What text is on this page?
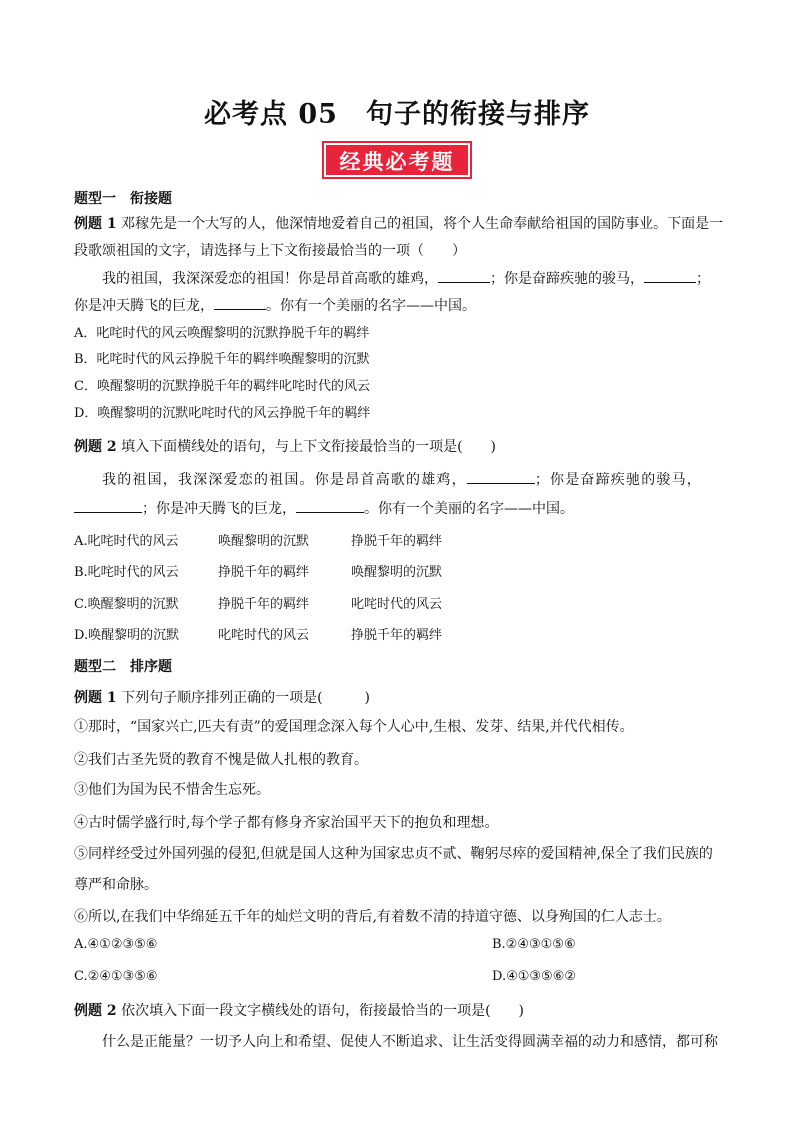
必考点 05　句子的衔接与排序
经典必考题
题型一　衔接题
例题 1 邓稼先是一个大写的人，他深情地爱着自己的祖国，将个人生命奉献给祖国的国防事业。下面是一
段歌颂祖国的文字，请选择与上下文衔接最恰当的一项（　　）
我的祖国，我深深爱恋的祖国！你是昂首高歌的雄鸡，	；你是奋蹄疾驰的骏马，	；
你是冲天腾飞的巨龙，	。你有一个美丽的名字——中国。
A．叱咤时代的风云唤醒黎明的沉默挣脱千年的羁绊
B．叱咤时代的风云挣脱千年的羁绊唤醒黎明的沉默
C．唤醒黎明的沉默挣脱千年的羁绊叱咤时代的风云
D．唤醒黎明的沉默叱咤时代的风云挣脱千年的羁绊
例题 2 填入下面横线处的语句，与上下文衔接最恰当的一项是(　　)
我的祖国，我深深爱恋的祖国。你是昂首高歌的雄鸡，	；你是奋蹄疾驰的骏马，
；你是冲天腾飞的巨龙，	。你有一个美丽的名字——中国。
A.叱咤时代的风云	唤醒黎明的沉默	挣脱千年的羁绊
B.叱咤时代的风云	挣脱千年的羁绊	唤醒黎明的沉默
C.唤醒黎明的沉默	挣脱千年的羁绊	叱咤时代的风云
D.唤醒黎明的沉默	叱咤时代的风云	挣脱千年的羁绊
题型二　排序题
例题 1 下列句子顺序排列正确的一项是(　　　)
①那时，“国家兴亡,匹夫有责”的爱国理念深入每个人心中,生根、发芽、结果,并代代相传。
②我们古圣先贤的教育不愧是做人扎根的教育。
③他们为国为民不惜舍生忘死。
④古时儒学盛行时,每个学子都有修身齐家治国平天下的抱负和理想。
⑤同样经受过外国列强的侵犯,但就是国人这种为国家忠贞不贰、鞠躬尽瘁的爱国精神,保全了我们民族的
尊严和命脉。
⑥所以,在我们中华绵延五千年的灿烂文明的背后,有着数不清的持道守德、以身殉国的仁人志士。
A.④①②③⑤⑥	B.②④③①⑤⑥
C.②④①③⑤⑥	D.④①③⑤⑥②
例题 2 依次填入下面一段文字横线处的语句，衔接最恰当的一项是(　　)
什么是正能量？一切予人向上和希望、促使人不断追求、让生活变得圆满幸福的动力和感情，都可称
